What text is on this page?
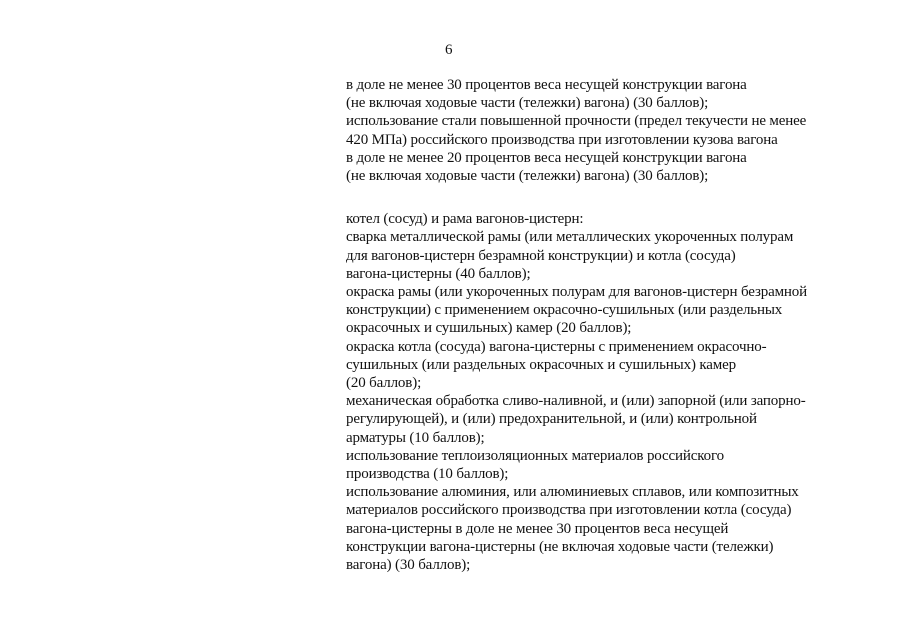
6
в доле не менее 30 процентов веса несущей конструкции вагона
(не включая ходовые части (тележки) вагона) (30 баллов);
использование стали повышенной прочности (предел текучести не менее
420 МПа) российского производства при изготовлении кузова вагона
в доле не менее 20 процентов веса несущей конструкции вагона
(не включая ходовые части (тележки) вагона) (30 баллов);
котел (сосуд) и рама вагонов-цистерн:
сварка металлической рамы (или металлических укороченных полурам
для вагонов-цистерн безрамной конструкции) и котла (сосуда)
вагона-цистерны (40 баллов);
окраска рамы (или укороченных полурам для вагонов-цистерн безрамной
конструкции) с применением окрасочно-сушильных (или раздельных
окрасочных и сушильных) камер (20 баллов);
окраска котла (сосуда) вагона-цистерны с применением окрасочно-
сушильных (или раздельных окрасочных и сушильных) камер
(20 баллов);
механическая обработка сливо-наливной, и (или) запорной (или запорно-
регулирующей), и (или) предохранительной, и (или) контрольной
арматуры (10 баллов);
использование теплоизоляционных материалов российского
производства (10 баллов);
использование алюминия, или алюминиевых сплавов, или композитных
материалов российского производства при изготовлении котла (сосуда)
вагона-цистерны в доле не менее 30 процентов веса несущей
конструкции вагона-цистерны (не включая ходовые части (тележки)
вагона) (30 баллов);
